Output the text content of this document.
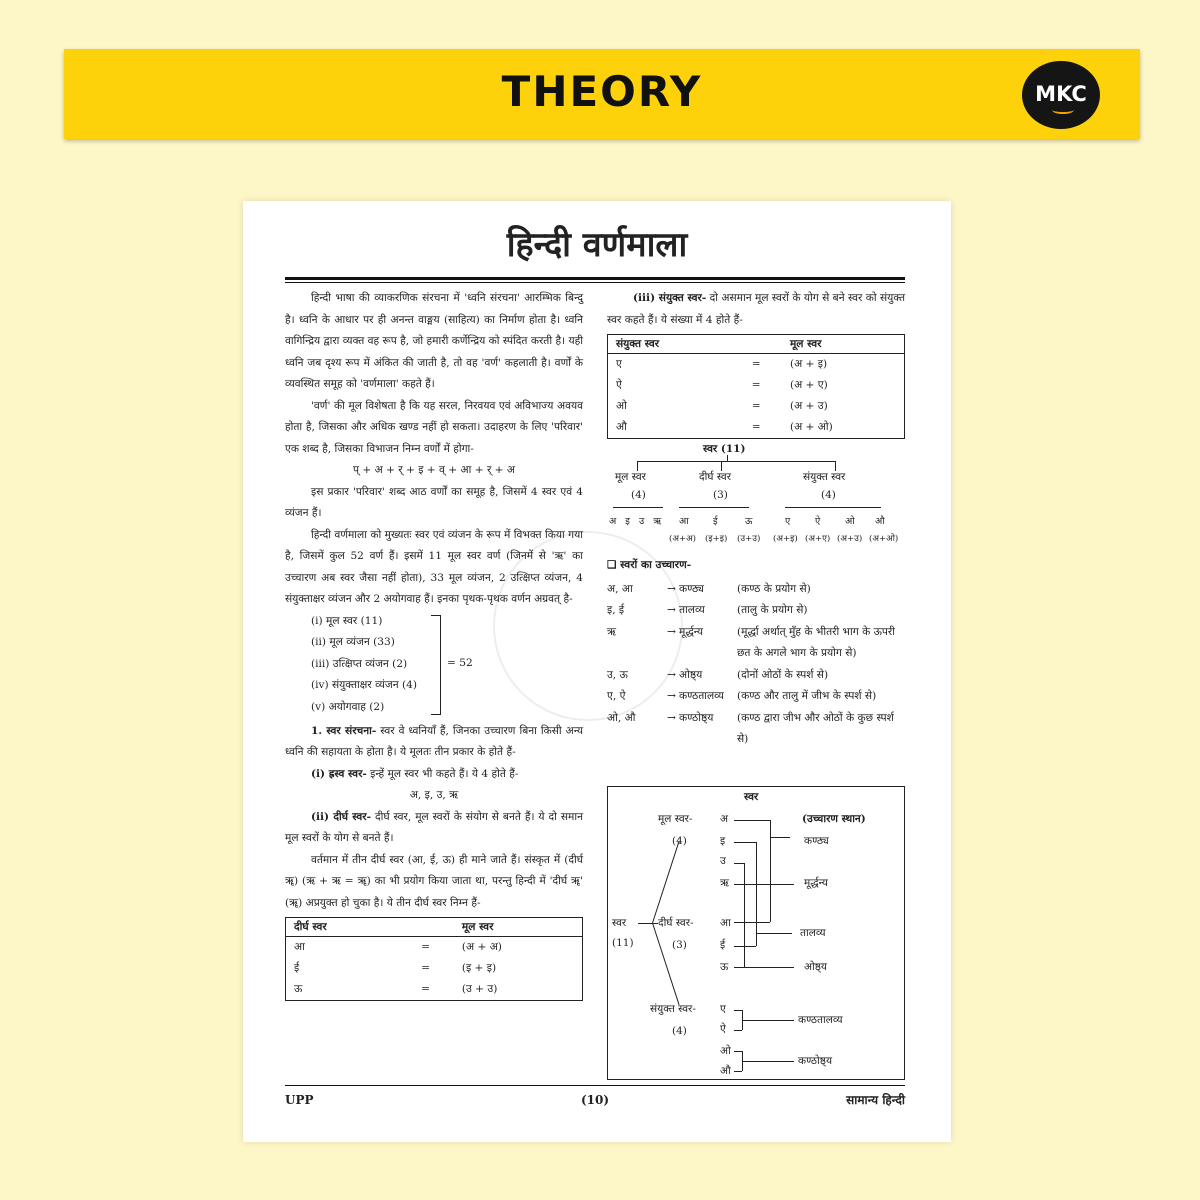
THEORY	MKC
हिन्दी वर्णमाला

हिन्दी भाषा की व्याकरणिक संरचना में 'ध्वनि संरचना' आरम्भिक बिन्दु है। ध्वनि के आधार पर ही अनन्त वाङ्मय (साहित्य) का निर्माण होता है। ध्वनि वागिन्द्रिय द्वारा व्यक्त वह रूप है, जो हमारी कर्णेन्द्रिय को स्पंदित करती है। यही ध्वनि जब दृश्य रूप में अंकित की जाती है, तो वह 'वर्ण' कहलाती है। वर्णों के व्यवस्थित समूह को 'वर्णमाला' कहते हैं।

'वर्ण' की मूल विशेषता है कि यह सरल, निरवयव एवं अविभाज्य अवयव होता है, जिसका और अधिक खण्ड नहीं हो सकता। उदाहरण के लिए 'परिवार' एक शब्द है, जिसका विभाजन निम्न वर्णों में होगा-

प् + अ + र् + इ + व् + आ + र् + अ

इस प्रकार 'परिवार' शब्द आठ वर्णों का समूह है, जिसमें 4 स्वर एवं 4 व्यंजन हैं।

हिन्दी वर्णमाला को मुख्यतः स्वर एवं व्यंजन के रूप में विभक्त किया गया है, जिसमें कुल 52 वर्ण हैं। इसमें 11 मूल स्वर वर्ण (जिनमें से 'ऋ' का उच्चारण अब स्वर जैसा नहीं होता), 33 मूल व्यंजन, 2 उत्क्षिप्त व्यंजन, 4 संयुक्ताक्षर व्यंजन और 2 अयोगवाह हैं। इनका पृथक-पृथक वर्णन अग्रवत् है-

(i) मूल स्वर (11)
(ii) मूल व्यंजन (33)
(iii) उत्क्षिप्त व्यंजन (2)
(iv) संयुक्ताक्षर व्यंजन (4)
(v) अयोगवाह (2)
= 52

1. स्वर संरचना- स्वर वे ध्वनियाँ हैं, जिनका उच्चारण बिना किसी अन्य ध्वनि की सहायता के होता है। ये मूलतः तीन प्रकार के होते हैं-

(i) ह्रस्व स्वर- इन्हें मूल स्वर भी कहते हैं। ये 4 होते हैं-

अ, इ, उ, ऋ

(ii) दीर्घ स्वर- दीर्घ स्वर, मूल स्वरों के संयोग से बनते हैं। ये दो समान मूल स्वरों के योग से बनते हैं।

वर्तमान में तीन दीर्घ स्वर (आ, ई, ऊ) ही माने जाते हैं। संस्कृत में (दीर्घ ॠ) (ऋ + ऋ = ॠ) का भी प्रयोग किया जाता था, परन्तु हिन्दी में 'दीर्घ ॠ' (ॠ) अप्रयुक्त हो चुका है। ये तीन दीर्घ स्वर निम्न हैं-

दीर्घ स्वर		मूल स्वर
आ	=	(अ + अ)
ई	=	(इ + इ)
ऊ	=	(उ + उ)

(iii) संयुक्त स्वर- दो असमान मूल स्वरों के योग से बने स्वर को संयुक्त स्वर कहते हैं। ये संख्या में 4 होते हैं-

संयुक्त स्वर		मूल स्वर
ए	=	(अ + इ)
ऐ	=	(अ + ए)
ओ	=	(अ + उ)
औ	=	(अ + ओ)
स्वर (11)
मूल स्वर	दीर्घ स्वर	संयुक्त स्वर
(4)	(3)	(4)
अ इ उ ऋ आ	ई	ऊ	ए	ऐ	ओ औ
(अ+अ) (इ+इ) (उ+उ) (अ+इ) (अ+ए) (अ+उ) (अ+ओ)

❑ स्वरों का उच्चारण-

अ, आ	→ कण्ठ्य	(कण्ठ के प्रयोग से)
इ, ई	→ तालव्य	(तालु के प्रयोग से)
ऋ	→ मूर्द्धन्य	(मूर्द्धा अर्थात् मुँह के भीतरी भाग के ऊपरी छत के अगले भाग के प्रयोग से)
उ, ऊ	→ ओष्ठ्य	(दोनों ओठों के स्पर्श से)
ए, ऐ	→ कण्ठतालव्य	(कण्ठ और तालु में जीभ के स्पर्श से)
ओ, औ	→ कण्ठोष्ठ्य	(कण्ठ द्वारा जीभ और ओठों के कुछ स्पर्श से)
स्वर
स्वर
(11)
मूल स्वर-
(4)
दीर्घ स्वर-
(3)
संयुक्त स्वर-
(4)
अ
इ
उ
ऋ
आ
ई
ऊ
ए
ऐ
ओ
औ
(उच्चारण स्थान)
कण्ठ्य
मूर्द्धन्य
तालव्य
ओष्ठ्य
कण्ठतालव्य
कण्ठोष्ठ्य
UPP	(10)	सामान्य हिन्दी
